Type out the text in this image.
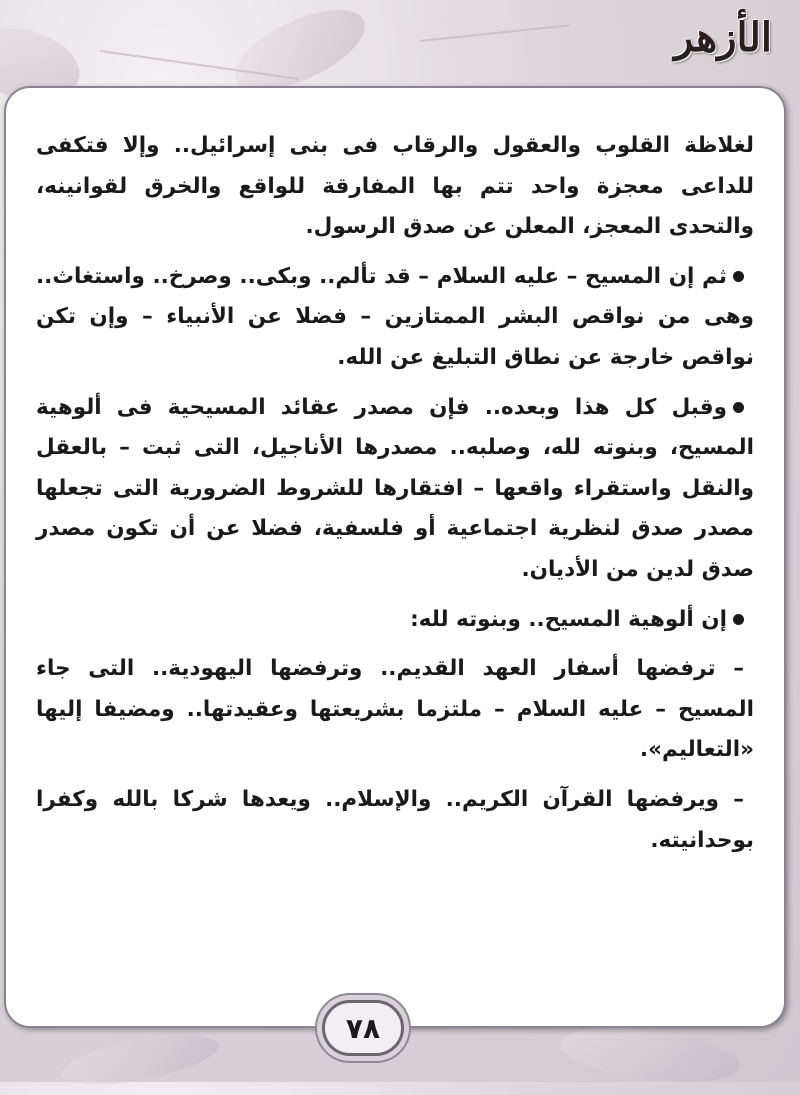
الأزهر

لغلاظة القلوب والعقول والرقاب فى بنى إسرائيل.. وإلا فتكفى للداعى معجزة واحد تتم بها المفارقة للواقع والخرق لقوانينه، والتحدى المعجز، المعلن عن صدق الرسول.

ثم إن المسيح – عليه السلام – قد تألم.. وبكى.. وصرخ.. واستغاث.. وهى من نواقص البشر الممتازين – فضلا عن الأنبياء – وإن تكن نواقص خارجة عن نطاق التبليغ عن الله.

وقبل كل هذا وبعده.. فإن مصدر عقائد المسيحية فى ألوهية المسيح، وبنوته لله، وصلبه.. مصدرها الأناجيل، التى ثبت – بالعقل والنقل واستقراء واقعها – افتقارها للشروط الضرورية التى تجعلها مصدر صدق لنظرية اجتماعية أو فلسفية، فضلا عن أن تكون مصدر صدق لدين من الأديان.

إن ألوهية المسيح.. وبنوته لله:

– ترفضها أسفار العهد القديم.. وترفضها اليهودية.. التى جاء المسيح – عليه السلام – ملتزما بشريعتها وعقيدتها.. ومضيفا إليها «التعاليم».

– ويرفضها القرآن الكريم.. والإسلام.. ويعدها شركا بالله وكفرا بوحدانيته.

٧٨
